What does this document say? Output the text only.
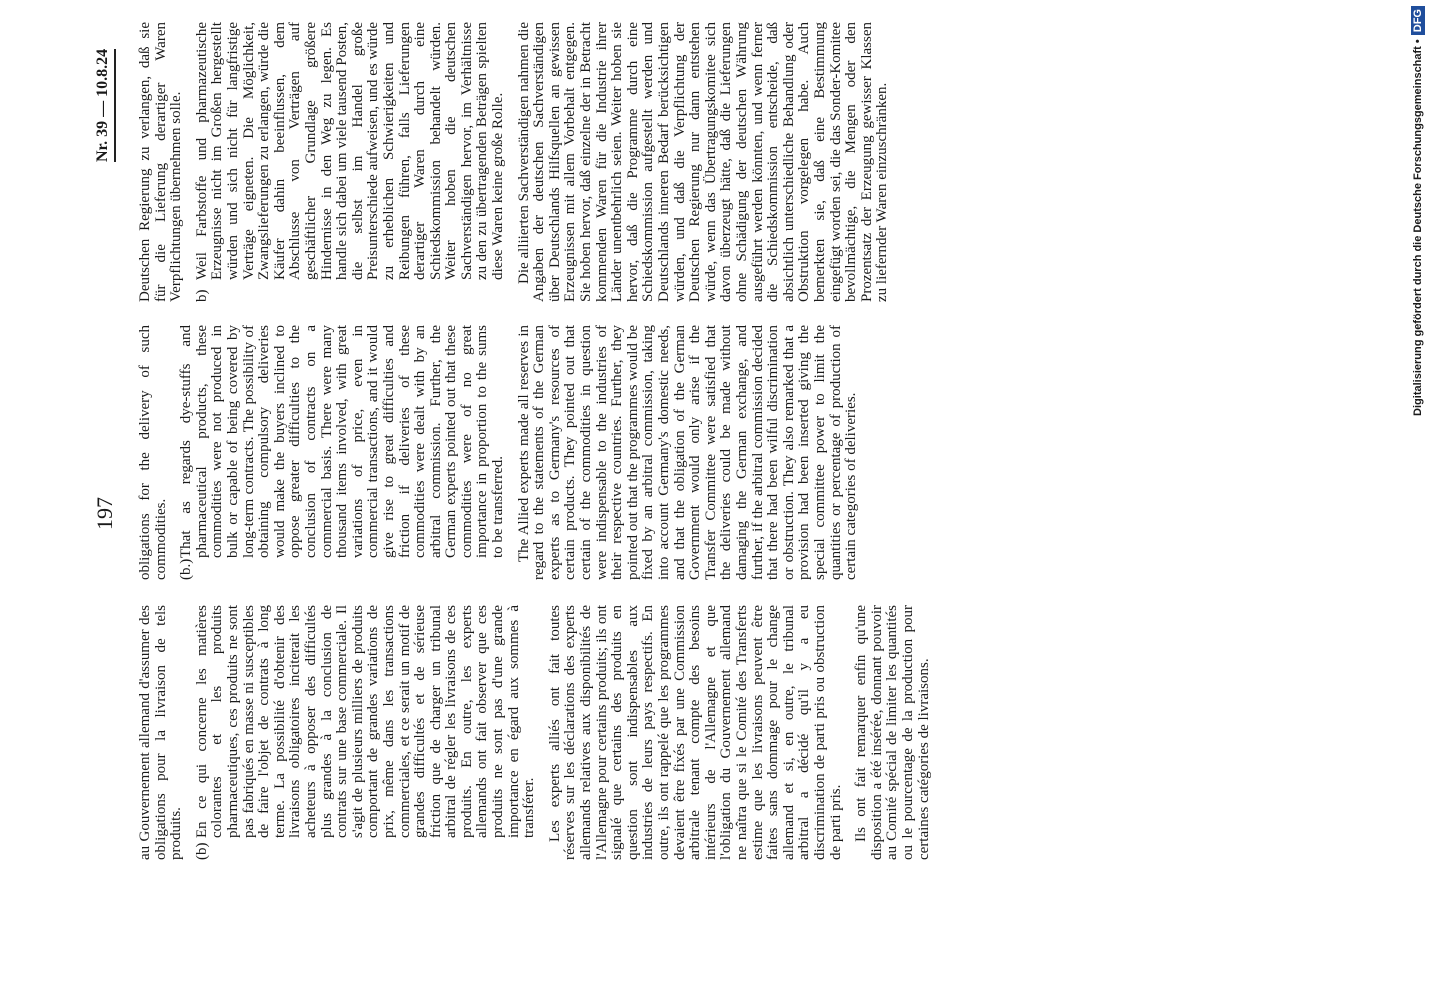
197
Nr. 39 — 10.8.24

au Gouvernement allemand d'assumer des obligations pour la livraison de tels produits. (b)

En ce qui concerne les matières colorantes et les produits pharmaceutiques, ces produits ne sont pas fabriqués en masse ni susceptibles de faire l'objet de contrats à long terme. La possibilité d'obtenir des livraisons obligatoires inciterait les acheteurs à opposer des difficultés plus grandes à la conclusion de contrats sur une base commerciale. Il s'agit de plusieurs milliers de produits comportant de grandes variations de prix, même dans les transactions commerciales, et ce serait un motif de grandes difficultés et de sérieuse friction que de charger un tribunal arbitral de régler les livraisons de ces produits. En outre, les experts allemands ont fait observer que ces produits ne sont pas d'une grande importance en égard aux sommes à transférer. Les experts alliés ont fait toutes réserves sur les déclarations des experts allemands relatives aux disponibilités de l'Allemagne pour certains produits; ils ont signalé que certains des produits en question sont indispensables aux industries de leurs pays respectifs. En outre, ils ont rappelé que les programmes devaient être fixés par une Commission arbitrale tenant compte des besoins intérieurs de l'Allemagne et que l'obligation du Gouvernement allemand ne naîtra que si le Comité des Transferts estime que les livraisons peuvent être faites sans dommage pour le change allemand et si, en outre, le tribunal arbitral a décidé qu'il y a eu discrimination de parti pris ou obstruction de parti pris. Ils ont fait remarquer enfin qu'une disposition a été insérée, donnant pouvoir au Comité spécial de limiter les quantités ou le pourcentage de la production pour certaines catégories de livraisons.

obligations for the delivery of such commodities. (b.)

That as regards dye-stuffs and pharmaceutical products, these commodities were not produced in bulk or capable of being covered by long-term contracts. The possibility of obtaining compulsory deliveries would make the buyers inclined to oppose greater difficulties to the conclusion of contracts on a commercial basis. There were many thousand items involved, with great variations of price, even in commercial transactions, and it would give rise to great difficulties and friction if deliveries of these commodities were dealt with by an arbitral commission. Further, the German experts pointed out that these commodities were of no great importance in proportion to the sums to be transferred. The Allied experts made all reserves in regard to the statements of the German experts as to Germany's resources of certain products. They pointed out that certain of the commodities in question were indispensable to the industries of their respective countries. Further, they pointed out that the programmes would be fixed by an arbitral commission, taking into account Germany's domestic needs, and that the obligation of the German Government would only arise if the Transfer Committee were satisfied that the deliveries could be made without damaging the German exchange, and further, if the arbitral commission decided that there had been wilful discrimination or obstruction. They also remarked that a provision had been inserted giving the special committee power to limit the quantities or percentage of production of certain categories of deliveries.

Deutschen Regierung zu verlangen, daß sie für die Lieferung derartiger Waren Verpflichtungen übernehmen solle. b)

Weil Farbstoffe und pharmazeutische Erzeugnisse nicht im Großen hergestellt würden und sich nicht für langfristige Verträge eigneten. Die Möglichkeit, Zwangslieferungen zu erlangen, würde die Käufer dahin beeinflussen, dem Abschlusse von Verträgen auf geschäftlicher Grundlage größere Hindernisse in den Weg zu legen. Es handle sich dabei um viele tausend Posten, die selbst im Handel große Preisunterschiede aufweisen, und es würde zu erheblichen Schwierigkeiten und Reibungen führen, falls Lieferungen derartiger Waren durch eine Schiedskommission behandelt würden. Weiter hoben die deutschen Sachverständigen hervor, im Verhältnisse zu den zu übertragenden Beträgen spielten diese Waren keine große Rolle. Die alliierten Sachverständigen nahmen die Angaben der deutschen Sachverständigen über Deutschlands Hilfsquellen an gewissen Erzeugnissen mit allem Vorbehalt entgegen. Sie hoben hervor, daß einzelne der in Betracht kommenden Waren für die Industrie ihrer Länder unentbehrlich seien. Weiter hoben sie hervor, daß die Programme durch eine Schiedskommission aufgestellt werden und Deutschlands inneren Bedarf berücksichtigen würden, und daß die Verpflichtung der Deutschen Regierung nur dann entstehen würde, wenn das Übertragungskomitee sich davon überzeugt hätte, daß die Lieferungen ohne Schädigung der deutschen Währung ausgeführt werden könnten, und wenn ferner die Schiedskommission entscheide, daß absichtlich unterschiedliche Behandlung oder Obstruktion vorgelegen habe. Auch bemerkten sie, daß eine Bestimmung eingefügt worden sei, die das Sonder-Komitee bevollmächtige, die Mengen oder den Prozentsatz der Erzeugung gewisser Klassen zu liefernder Waren einzuschränken.	Digitalisierung gefördert durch die Deutsche Forschungsgemeinschaft •DFG
